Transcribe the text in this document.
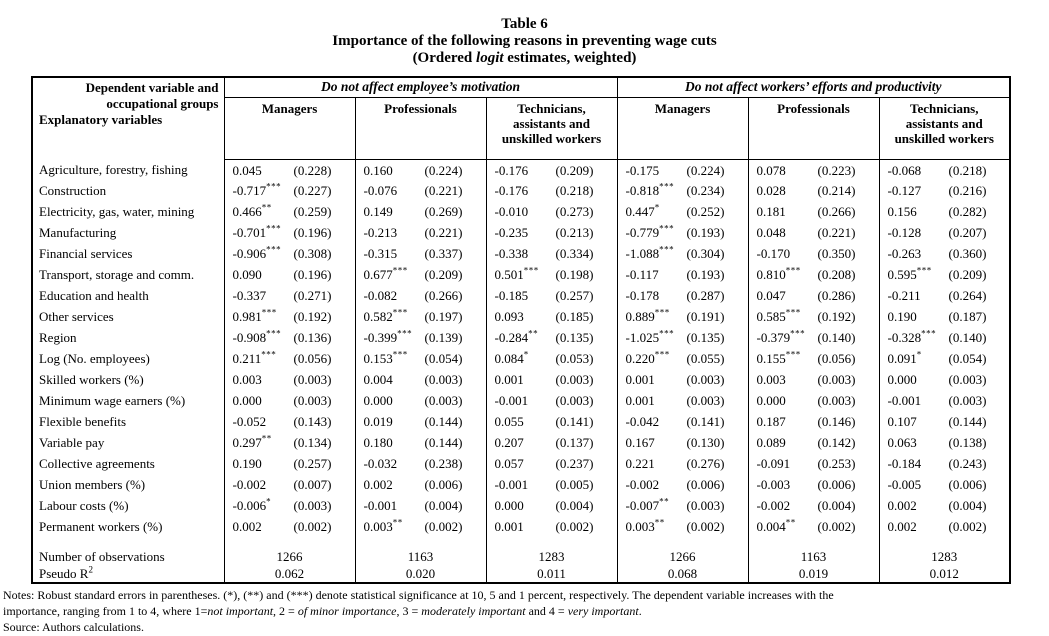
Table 6
Importance of the following reasons in preventing wage cuts
(Ordered logit estimates, weighted)
Dependent variable and occupational groups
Explanatory variables	Do not affect employee’s motivation			Do not affect workers’ efforts and productivity		
	Managers	Professionals	Technicians, assistants and unskilled workers	Managers	Professionals	Technicians, assistants and unskilled workers
Agriculture, forestry, fishing	0.045 (0.228)	0.160 (0.224)	-0.176 (0.209)	-0.175 (0.224)	0.078 (0.223)	-0.068 (0.218)
Construction	-0.717*** (0.227)	-0.076 (0.221)	-0.176 (0.218)	-0.818*** (0.234)	0.028 (0.214)	-0.127 (0.216)
Electricity, gas, water, mining	0.466** (0.259)	0.149 (0.269)	-0.010 (0.273)	0.447* (0.252)	0.181 (0.266)	0.156 (0.282)
Manufacturing	-0.701*** (0.196)	-0.213 (0.221)	-0.235 (0.213)	-0.779*** (0.193)	0.048 (0.221)	-0.128 (0.207)
Financial services	-0.906*** (0.308)	-0.315 (0.337)	-0.338 (0.334)	-1.088*** (0.304)	-0.170 (0.350)	-0.263 (0.360)
Transport, storage and comm.	0.090 (0.196)	0.677*** (0.209)	0.501*** (0.198)	-0.117 (0.193)	0.810*** (0.208)	0.595*** (0.209)
Education and health	-0.337 (0.271)	-0.082 (0.266)	-0.185 (0.257)	-0.178 (0.287)	0.047 (0.286)	-0.211 (0.264)
Other services	0.981*** (0.192)	0.582*** (0.197)	0.093 (0.185)	0.889*** (0.191)	0.585*** (0.192)	0.190 (0.187)
Region	-0.908*** (0.136)	-0.399*** (0.139)	-0.284** (0.135)	-1.025*** (0.135)	-0.379*** (0.140)	-0.328*** (0.140)
Log (No. employees)	0.211*** (0.056)	0.153*** (0.054)	0.084* (0.053)	0.220*** (0.055)	0.155*** (0.056)	0.091* (0.054)
Skilled workers (%)	0.003 (0.003)	0.004 (0.003)	0.001 (0.003)	0.001 (0.003)	0.003 (0.003)	0.000 (0.003)
Minimum wage earners (%)	0.000 (0.003)	0.000 (0.003)	-0.001 (0.003)	0.001 (0.003)	0.000 (0.003)	-0.001 (0.003)
Flexible benefits	-0.052 (0.143)	0.019 (0.144)	0.055 (0.141)	-0.042 (0.141)	0.187 (0.146)	0.107 (0.144)
Variable pay	0.297** (0.134)	0.180 (0.144)	0.207 (0.137)	0.167 (0.130)	0.089 (0.142)	0.063 (0.138)
Collective agreements	0.190 (0.257)	-0.032 (0.238)	0.057 (0.237)	0.221 (0.276)	-0.091 (0.253)	-0.184 (0.243)
Union members (%)	-0.002 (0.007)	0.002 (0.006)	-0.001 (0.005)	-0.002 (0.006)	-0.003 (0.006)	-0.005 (0.006)
Labour costs (%)	-0.006* (0.003)	-0.001 (0.004)	0.000 (0.004)	-0.007** (0.003)	-0.002 (0.004)	0.002 (0.004)
Permanent workers (%)	0.002 (0.002)	0.003** (0.002)	0.001 (0.002)	0.003** (0.002)	0.004** (0.002)	0.002 (0.002)

Number of observations	1266	1163	1283	1266	1163	1283
Pseudo $R^2$	0.062	0.020	0.011	0.068	0.019	0.012
Notes: Robust standard errors in parentheses. (*), (**) and (***) denote statistical significance at 10, 5 and 1 percent, respectively. The dependent variable increases with the
importance, ranging from 1 to 4, where 1=not important, 2 = of minor importance, 3 = moderately important and 4 = very important.
Source: Authors calculations.
